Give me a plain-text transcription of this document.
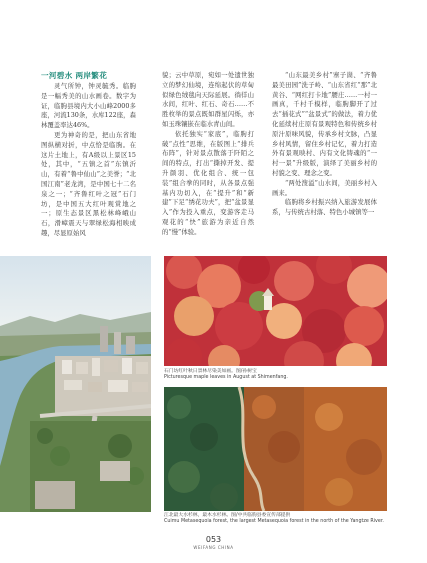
一河碧水 两岸繁花

灵气所钟，钟灵毓秀。临朐是一幅秀美的山水画卷。数字为证，临朐县境内大小山峰2000多座，河流130条，水库122座，森林覆盖率达46%。

更为神奇的是，把山东省地图纵横对折，中点恰是临朐。在这片土地上，有A级以上景区15处，其中，“五镇之首”东镇沂山，有着“鲁中仙山”之美誉；“北国江南”老龙湾，是中国七十二名泉之一；“齐鲁红叶之冠”石门坊，是中国五大红叶观赏地之一；原生态景区黑松林峰峨山石，滑嶂震天与翠绿松海相映成趣，尽显原始风

貌；云中草原，宛如一处遗世独立的梦幻仙境，连绵起伏的草甸似绿色绒毯向天际延展。徜徉山水间，红叶、红石、奇石……不胜枚举的景点既如群星闪烁，亦如玉珠镶嵌在临水青山间。

依托独实“家底”，临朐打破“点性”思维，在版图上“排兵布阵”，针对景点散落于阡陌之间的特点，打出“撕掉开发、提升颜羽、优化组合、统一包装”组合拳的同时，从各景点强基内功切入，在“提升”和“新建”下足“绣花功夫”，把“盆景显入”作为投入重点，变游客走马观花的“快”旅游为亲近自然的“慢”体验。

“山东最美乡村”寨子崮、“齐鲁最美田园”洗子岭、“山东省红“那”北黄谷、“网红打卡地”腰庄……一村一画真，千村千模样，临朐脚开了过去“插花式”“盆景式”的做法，着力优化延续村庄原有景观特色和传统乡村原汁原味风貌，传承乡村文脉，凸显乡村风情，留住乡村记忆，着力打造外有景观映村、内有文化铸魂的“一村一景”升级版，演绎了美丽乡村的村貌之变、理念之变。

“两处溲溢”山水间，美丽乡村入画来。

临朐将乡村振兴纳入旅游发展体系，与传统古村落、特色小城镇等一

石门坊红叶秋日景林尽染美如画。图/孙树宝
Picturesque maple leaves in August at Shimenfang.
江北最大水杉林，最木水杉林。图/中共临朐县委宣传部提供
Cuimu Metasequoia forest, the largest Metasequoia forest in the north of the Yangtze River.
053
WEIFANG CHINA
